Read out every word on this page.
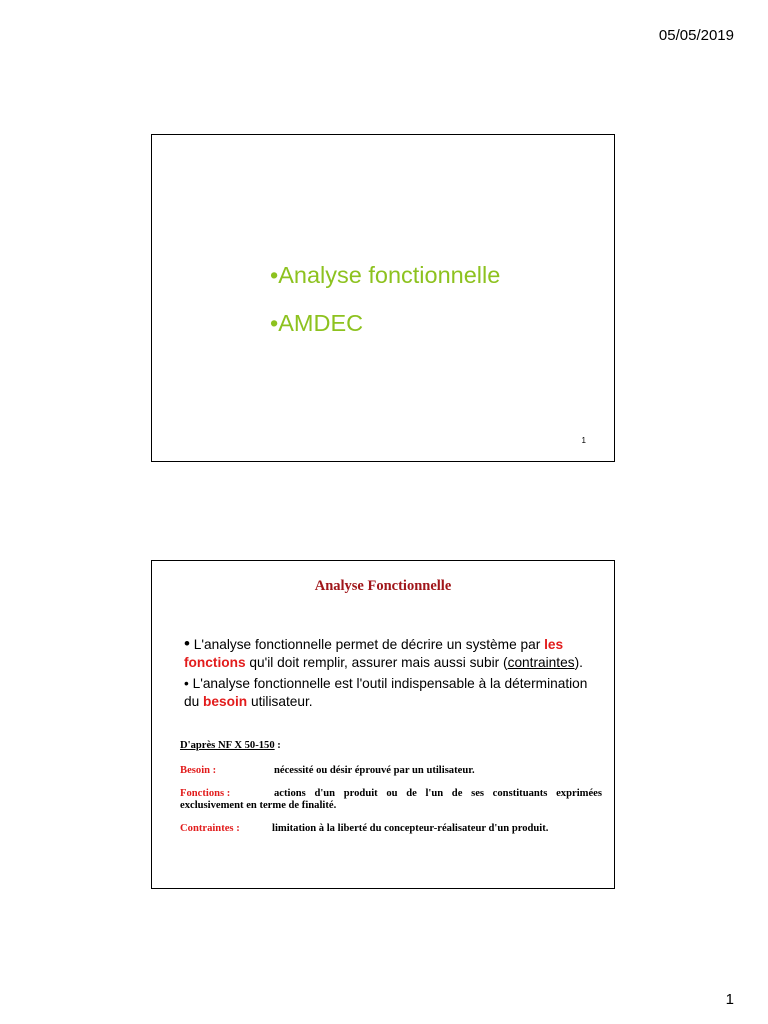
05/05/2019
•Analyse fonctionnelle
•AMDEC
1
Analyse Fonctionnelle

• L'analyse fonctionnelle permet de décrire un système par les fonctions qu'il doit remplir, assurer mais aussi subir (contraintes).

• L'analyse fonctionnelle est l'outil indispensable à la détermination du besoin utilisateur.

D'après NF X 50-150 :
Besoin :	nécessité ou désir éprouvé par un utilisateur.
Fonctions :	actions d'un produit ou de l'un de ses constituants exprimées exclusivement en terme de finalité.
Contraintes :	limitation à la liberté du concepteur-réalisateur d'un produit.
1
